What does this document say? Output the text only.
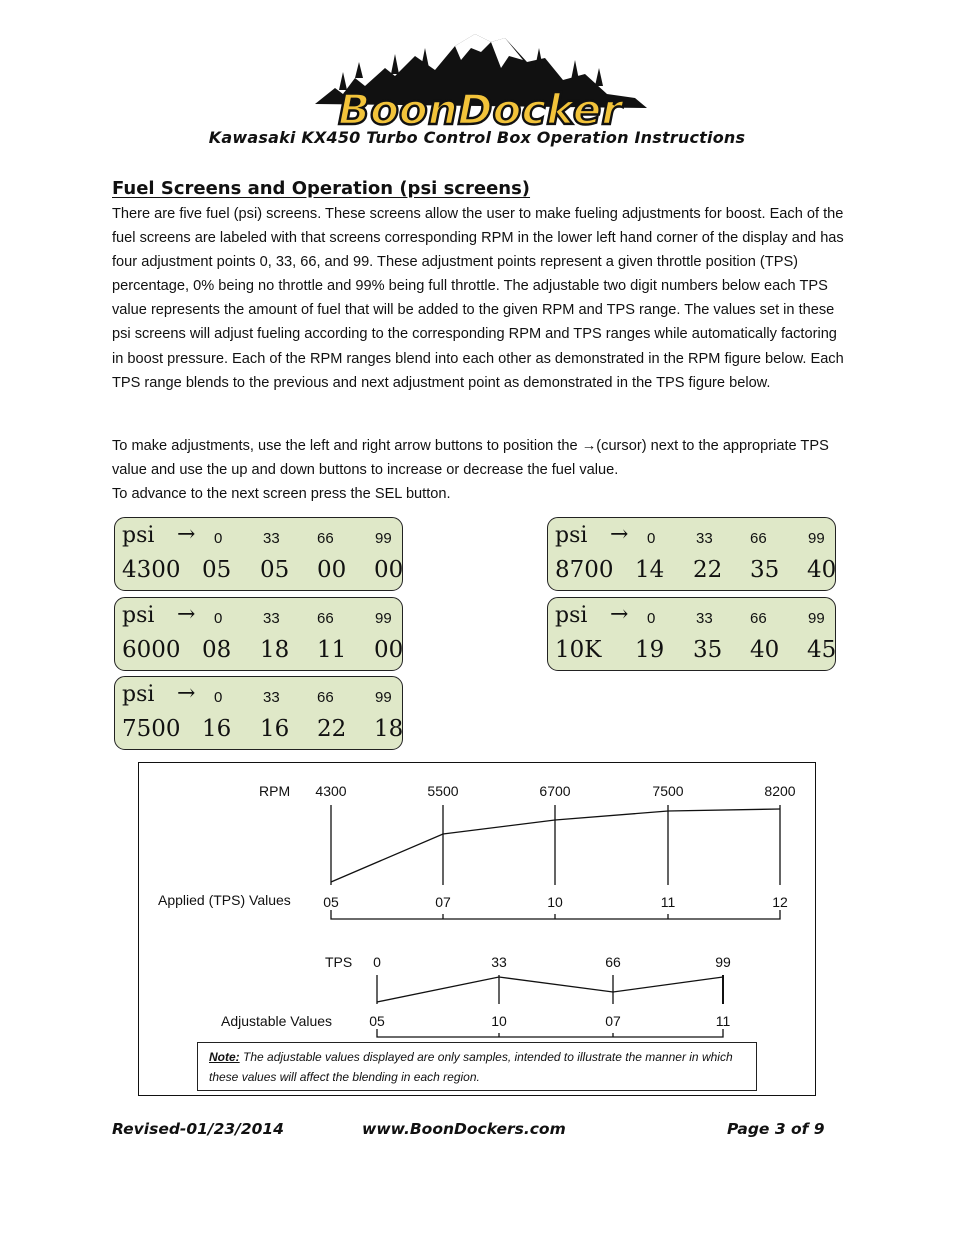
BoonDocker
Kawasaki KX450 Turbo Control Box Operation Instructions
Fuel Screens and Operation (psi screens)
There are five fuel (psi) screens. These screens allow the user to make fueling adjustments for boost. Each of the fuel screens are labeled with that screens corresponding RPM in the lower left hand corner of the display and has four adjustment points 0, 33, 66, and 99. These adjustment points represent a given throttle position (TPS) percentage, 0% being no throttle and 99% being full throttle. The adjustable two digit numbers below each TPS value represents the amount of fuel that will be added to the given RPM and TPS range. The values set in these psi screens will adjust fueling according to the corresponding RPM and TPS ranges while automatically factoring in boost pressure. Each of the RPM ranges blend into each other as demonstrated in the RPM figure below. Each TPS range blends to the previous and next adjustment point as demonstrated in the TPS figure below.
To make adjustments, use the left and right arrow buttons to position the →(cursor) next to the appropriate TPS value and use the up and down buttons to increase or decrease the fuel value.
To advance to the next screen press the SEL button.
psi → 0	33 66	99
4300 05 05 00 00
psi → 0	33 66	99
6000 08 18 11 00
psi → 0	33 66	99
7500 16 16 22 18
psi → 0	33 66	99
8700 14 22 35 40
psi → 0	33 66	99
10K 19 35 40 45
RPM 4300	5500	6700	7500	8200
Applied (TPS) Values 05	07	10	11	12
TPS 0	33	66	99
Adjustable Values	05	10	07	11
Note: The adjustable values displayed are only samples, intended to illustrate the manner in which these values will affect the blending in each region.
Revised-01/23/2014	www.BoonDockers.com	Page 3 of 9
